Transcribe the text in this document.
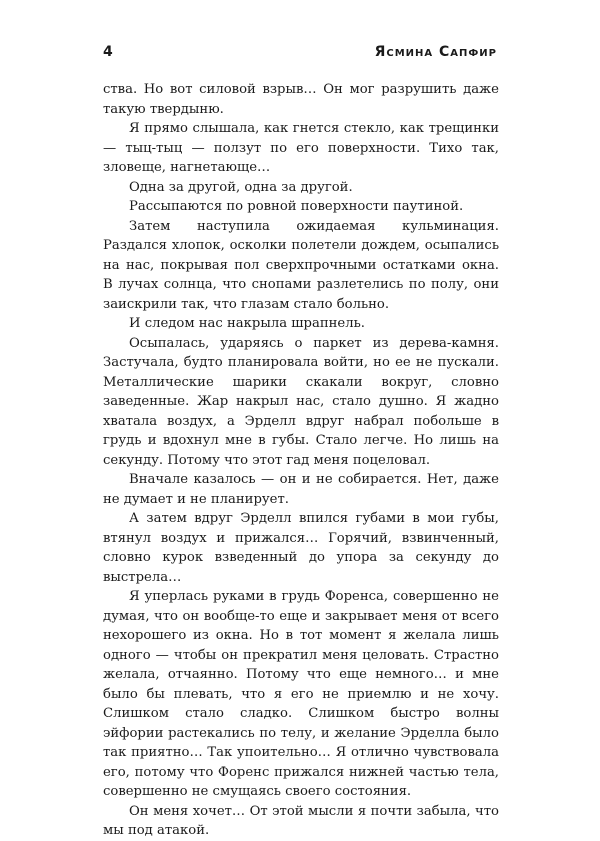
4	Ясмина Сапфир

ства. Но вот силовой взрыв… Он мог разрушить даже такую твердыню.

Я прямо слышала, как гнется стекло, как трещинки — тыц-тыц — ползут по его поверхности. Тихо так, зловеще, нагнетающе…

Одна за другой, одна за другой.

Рассыпаются по ровной поверхности паутиной.

Затем наступила ожидаемая кульминация. Раздался хлопок, осколки полетели дождем, осыпались на нас, покрывая пол сверхпрочными остатками окна. В лучах солнца, что снопами разлетелись по полу, они заискрили так, что глазам стало больно.

И следом нас накрыла шрапнель.

Осыпалась, ударяясь о паркет из дерева-камня. Застучала, будто планировала войти, но ее не пускали. Металлические шарики скакали вокруг, словно заведенные. Жар накрыл нас, стало душно. Я жадно хватала воздух, а Эрделл вдруг набрал побольше в грудь и вдохнул мне в губы. Стало легче. Но лишь на секунду. Потому что этот гад меня поцеловал.

Вначале казалось — он и не собирается. Нет, даже не думает и не планирует.

А затем вдруг Эрделл впился губами в мои губы, втянул воздух и прижался… Горячий, взвинченный, словно курок взведенный до упора за секунду до выстрела…

Я уперлась руками в грудь Форенса, совершенно не думая, что он вообще-то еще и закрывает меня от всего нехорошего из окна. Но в тот момент я желала лишь одного — чтобы он прекратил меня целовать. Страстно желала, отчаянно. Потому что еще немного… и мне было бы плевать, что я его не приемлю и не хочу. Слишком стало сладко. Слишком быстро волны эйфории растекались по телу, и желание Эрделла было так приятно… Так упоительно… Я отлично чувствовала его, потому что Форенс прижался нижней частью тела, совершенно не смущаясь своего состояния.

Он меня хочет… От этой мысли я почти забыла, что мы под атакой.
